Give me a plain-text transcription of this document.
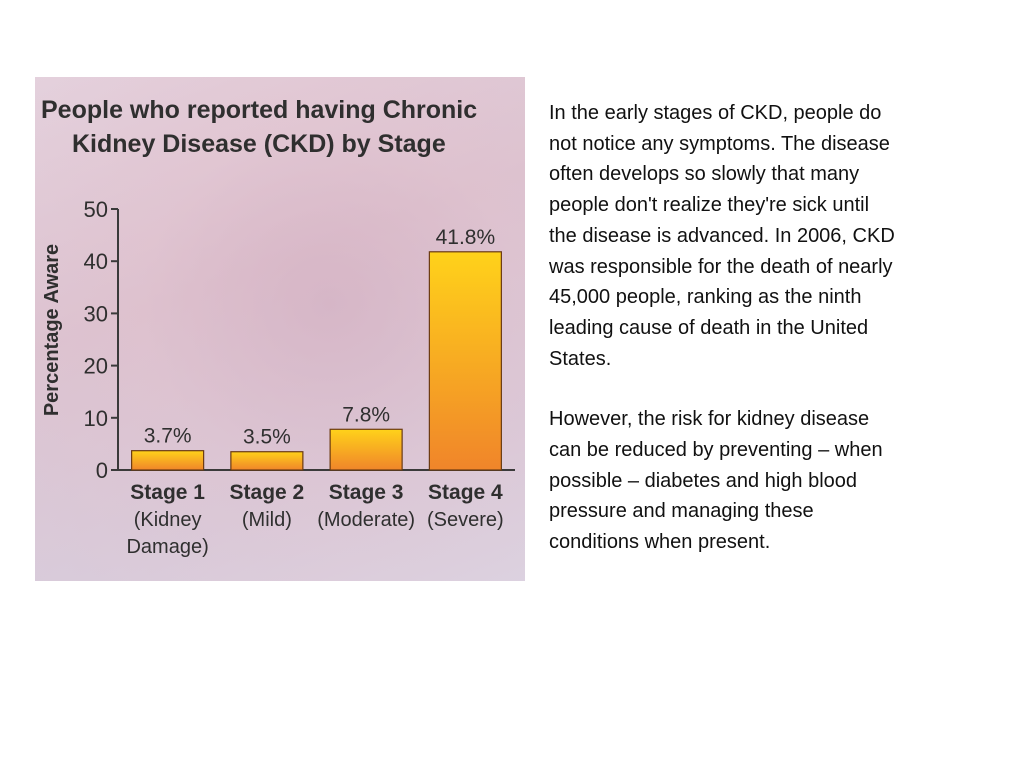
People who reported having Chronic
Kidney Disease (CKD) by Stage
Percentage Aware
0
10
20
30
40
50
3.7%
Stage 1
(Kidney
Damage)
3.5%
Stage 2
(Mild)
7.8%
Stage 3
(Moderate)
41.8%
Stage 4
(Severe)

In the early stages of CKD, people do
not notice any symptoms. The disease
often develops so slowly that many
people don't realize they're sick until
the disease is advanced. In 2006, CKD
was responsible for the death of nearly
45,000 people, ranking as the ninth
leading cause of death in the United
States.

However, the risk for kidney disease
can be reduced by preventing – when
possible – diabetes and high blood
pressure and managing these
conditions when present.
